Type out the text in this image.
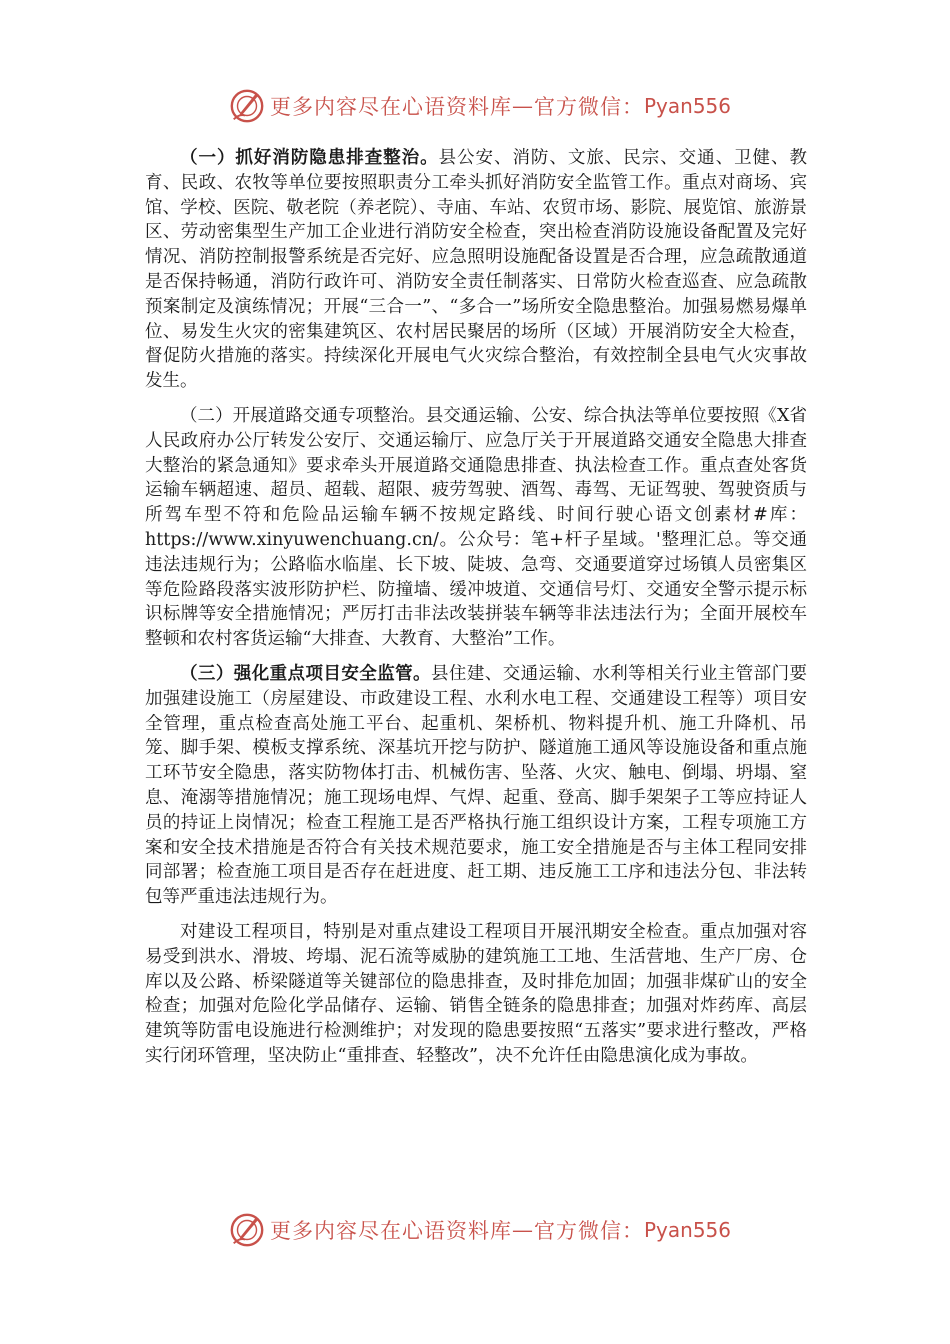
更多内容尽在心语资料库 — 官方微信： Pyan556

（一）抓好消防隐患排查整治。县公安、消防、文旅、民宗、交通、卫健、教育、民政、农牧等单位要按照职责分工牵头抓好消防安全监管工作。重点对商场、宾馆、学校、医院、敬老院（养老院）、寺庙、车站、农贸市场、影院、展览馆、旅游景区、劳动密集型生产加工企业进行消防安全检查，突出检查消防设施设备配置及完好情况、消防控制报警系统是否完好、应急照明设施配备设置是否合理，应急疏散通道是否保持畅通，消防行政许可、消防安全责任制落实、日常防火检查巡查、应急疏散预案制定及演练情况；开展“三合一”、“多合一”场所安全隐患整治。加强易燃易爆单位、易发生火灾的密集建筑区、农村居民聚居的场所（区域）开展消防安全大检查，督促防火措施的落实。持续深化开展电气火灾综合整治，有效控制全县电气火灾事故发生。

（二）开展道路交通专项整治。县交通运输、公安、综合执法等单位要按照《X省人民政府办公厅转发公安厅、交通运输厅、应急厅关于开展道路交通安全隐患大排查大整治的紧急通知》要求牵头开展道路交通隐患排查、执法检查工作。重点查处客货运输车辆超速、超员、超载、超限、疲劳驾驶、酒驾、毒驾、无证驾驶、驾驶资质与所驾车型不符和危险品运输车辆不按规定路线、时间行驶心语文创素材#库：https://www.xinyuwenchuang.cn/。公众号：笔+杆子星域。'整理汇总。等交通违法违规行为；公路临水临崖、长下坡、陡坡、急弯、交通要道穿过场镇人员密集区等危险路段落实波形防护栏、防撞墙、缓冲坡道、交通信号灯、交通安全警示提示标识标牌等安全措施情况；严厉打击非法改装拼装车辆等非法违法行为；全面开展校车整顿和农村客货运输“大排查、大教育、大整治”工作。

（三）强化重点项目安全监管。县住建、交通运输、水利等相关行业主管部门要加强建设施工（房屋建设、市政建设工程、水利水电工程、交通建设工程等）项目安全管理，重点检查高处施工平台、起重机、架桥机、物料提升机、施工升降机、吊笼、脚手架、模板支撑系统、深基坑开挖与防护、隧道施工通风等设施设备和重点施工环节安全隐患，落实防物体打击、机械伤害、坠落、火灾、触电、倒塌、坍塌、窒息、淹溺等措施情况；施工现场电焊、气焊、起重、登高、脚手架架子工等应持证人员的持证上岗情况；检查工程施工是否严格执行施工组织设计方案，工程专项施工方案和安全技术措施是否符合有关技术规范要求，施工安全措施是否与主体工程同安排同部署；检查施工项目是否存在赶进度、赶工期、违反施工工序和违法分包、非法转包等严重违法违规行为。

对建设工程项目，特别是对重点建设工程项目开展汛期安全检查。重点加强对容易受到洪水、滑坡、垮塌、泥石流等威胁的建筑施工工地、生活营地、生产厂房、仓库以及公路、桥梁隧道等关键部位的隐患排查，及时排危加固；加强非煤矿山的安全检查；加强对危险化学品储存、运输、销售全链条的隐患排查；加强对炸药库、高层建筑等防雷电设施进行检测维护；对发现的隐患要按照“五落实”要求进行整改，严格实行闭环管理，坚决防止“重排查、轻整改”，决不允许任由隐患演化成为事故。

更多内容尽在心语资料库 — 官方微信： Pyan556
